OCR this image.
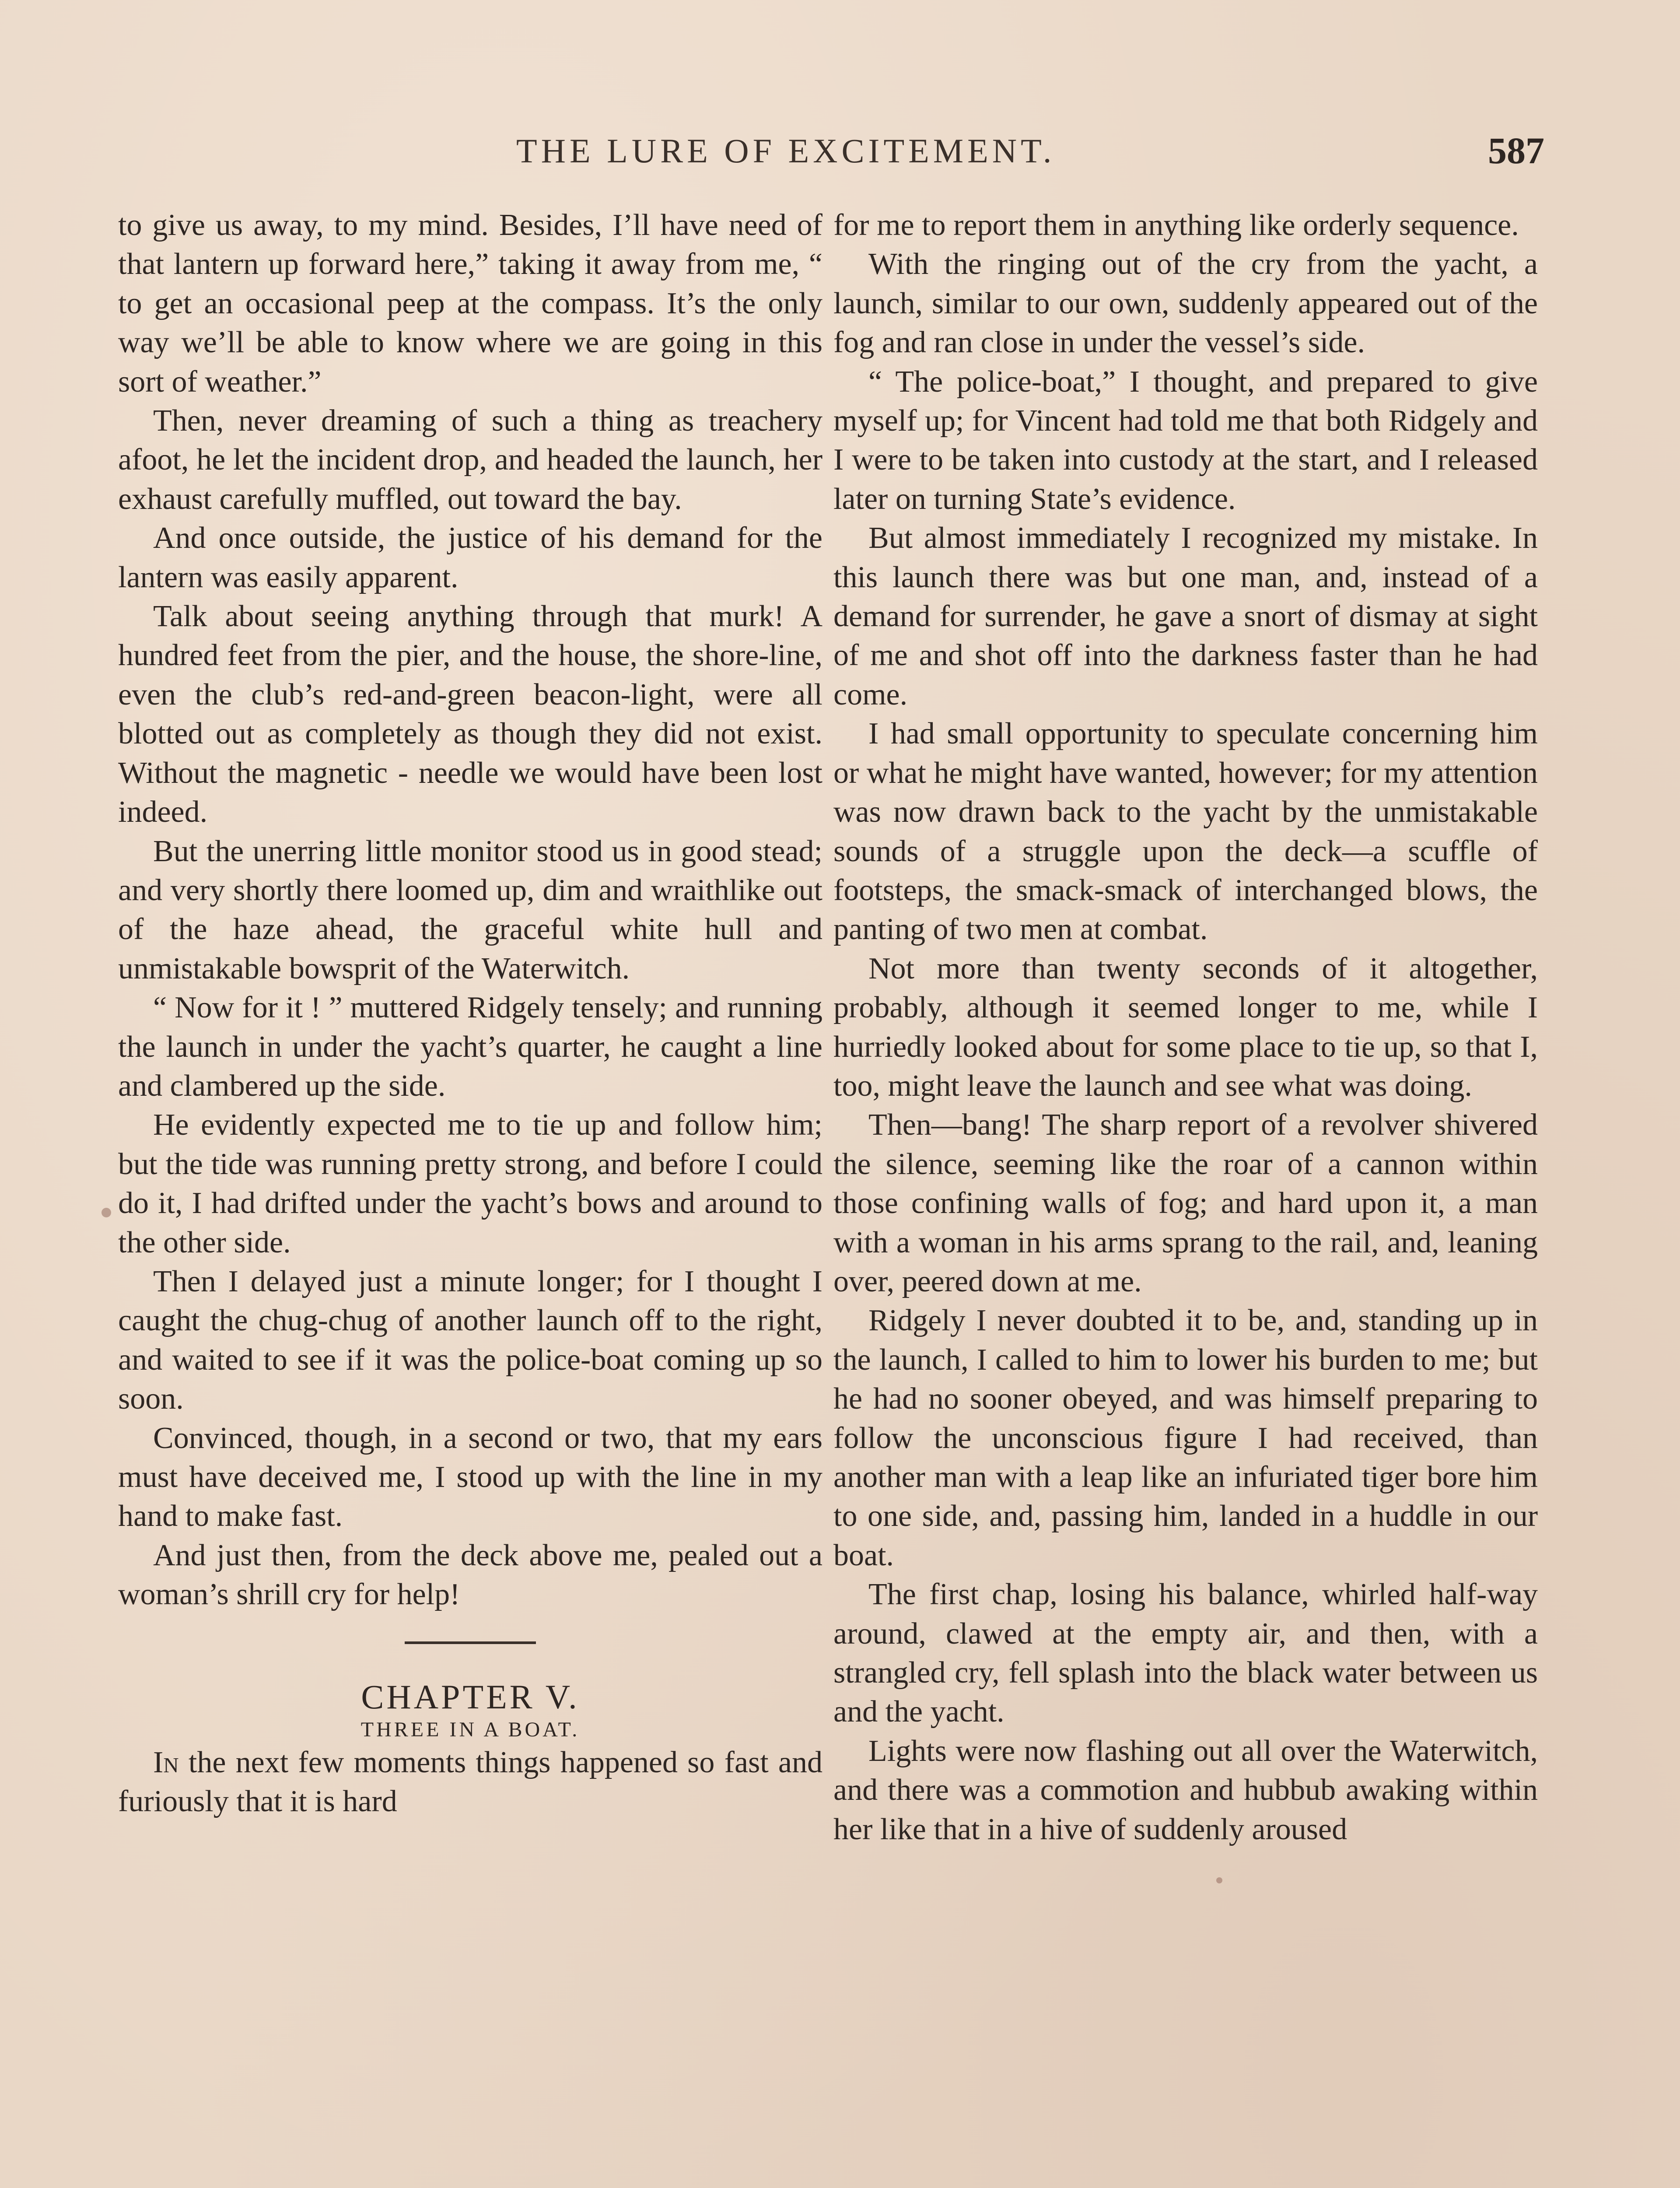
THE LURE OF EXCITEMENT.	587

to give us away, to my mind. Besides, I’ll have need of that lantern up forward here,” taking it away from me, “ to get an occasional peep at the compass. It’s the only way we’ll be able to know where we are going in this sort of weather.”

Then, never dreaming of such a thing as treachery afoot, he let the incident drop, and headed the launch, her exhaust carefully muffled, out toward the bay.

And once outside, the justice of his demand for the lantern was easily apparent.

Talk about seeing anything through that murk! A hundred feet from the pier, and the house, the shore-line, even the club’s red-and-green beacon-light, were all blotted out as completely as though they did not exist. Without the magnetic - needle we would have been lost indeed.

But the unerring little monitor stood us in good stead; and very shortly there loomed up, dim and wraithlike out of the haze ahead, the graceful white hull and unmistakable bowsprit of the Waterwitch.

“ Now for it ! ” muttered Ridgely tensely; and running the launch in under the yacht’s quarter, he caught a line and clambered up the side.

He evidently expected me to tie up and follow him; but the tide was running pretty strong, and before I could do it, I had drifted under the yacht’s bows and around to the other side.

Then I delayed just a minute longer; for I thought I caught the chug-chug of another launch off to the right, and waited to see if it was the police-boat coming up so soon.

Convinced, though, in a second or two, that my ears must have deceived me, I stood up with the line in my hand to make fast.

And just then, from the deck above me, pealed out a woman’s shrill cry for help!

CHAPTER V.

THREE IN A BOAT.

In the next few moments things happened so fast and furiously that it is hard

for me to report them in anything like orderly sequence.

With the ringing out of the cry from the yacht, a launch, similar to our own, suddenly appeared out of the fog and ran close in under the vessel’s side.

“ The police-boat,” I thought, and prepared to give myself up; for Vincent had told me that both Ridgely and I were to be taken into custody at the start, and I released later on turning State’s evidence.

But almost immediately I recognized my mistake. In this launch there was but one man, and, instead of a demand for surrender, he gave a snort of dismay at sight of me and shot off into the darkness faster than he had come.

I had small opportunity to speculate concerning him or what he might have wanted, however; for my attention was now drawn back to the yacht by the unmistakable sounds of a struggle upon the deck—a scuffle of footsteps, the smack-smack of interchanged blows, the panting of two men at combat.

Not more than twenty seconds of it altogether, probably, although it seemed longer to me, while I hurriedly looked about for some place to tie up, so that I, too, might leave the launch and see what was doing.

Then—bang! The sharp report of a revolver shivered the silence, seeming like the roar of a cannon within those confining walls of fog; and hard upon it, a man with a woman in his arms sprang to the rail, and, leaning over, peered down at me.

Ridgely I never doubted it to be, and, standing up in the launch, I called to him to lower his burden to me; but he had no sooner obeyed, and was himself preparing to follow the unconscious figure I had received, than another man with a leap like an infuriated tiger bore him to one side, and, passing him, landed in a huddle in our boat.

The first chap, losing his balance, whirled half-way around, clawed at the empty air, and then, with a strangled cry, fell splash into the black water between us and the yacht.

Lights were now flashing out all over the Waterwitch, and there was a commotion and hubbub awaking within her like that in a hive of suddenly aroused
